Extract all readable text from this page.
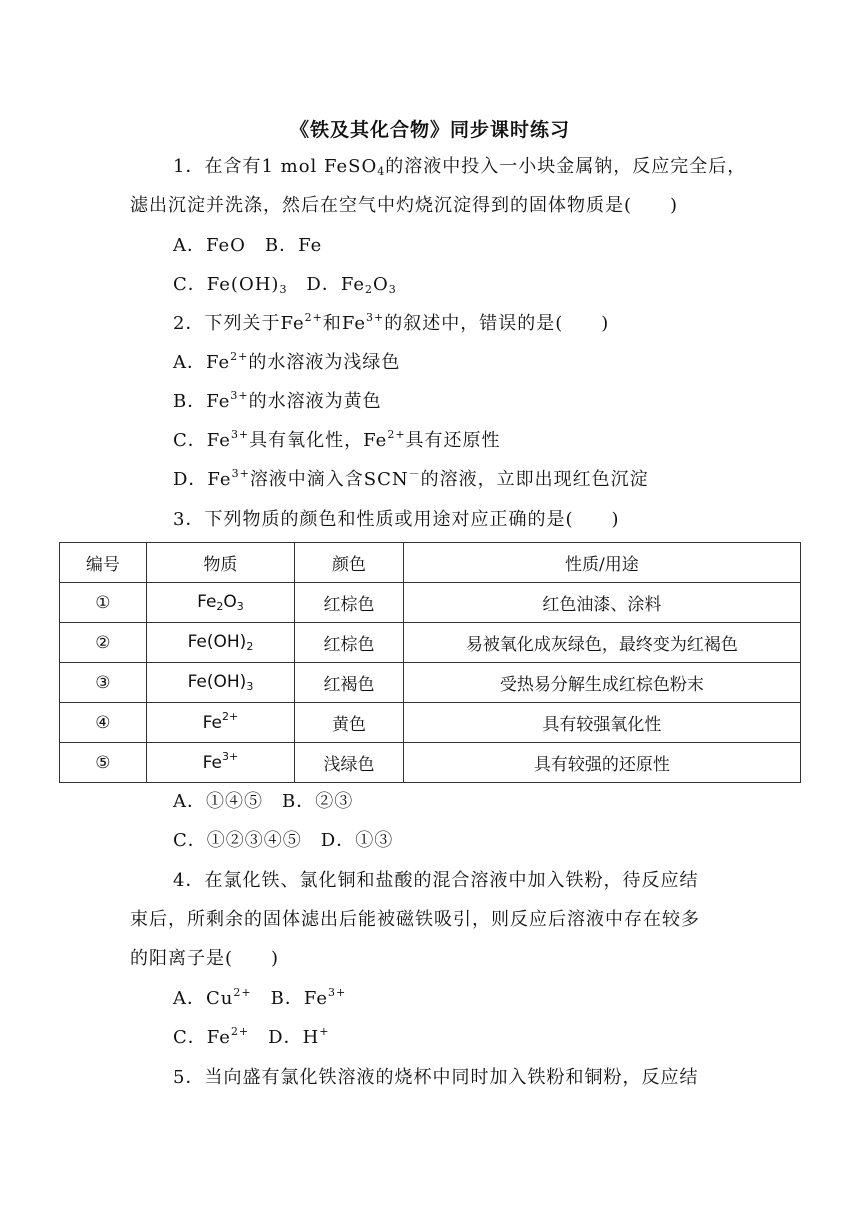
《铁及其化合物》同步课时练习
1．在含有1 mol FeSO$_4$的溶液中投入一小块金属钠，反应完全后，
滤出沉淀并洗涤，然后在空气中灼烧沉淀得到的固体物质是(　　)
A．FeO　B．Fe
C．$Fe(OH)_3$　D．$Fe_2O_3$
2．下列关于$Fe^{2+}$和$Fe^{3+}$的叙述中，错误的是(　　)
A．$Fe^{2+}$的水溶液为浅绿色
B．$Fe^{3+}$的水溶液为黄色
C．$Fe^{3+}$具有氧化性，$Fe^{2+}$具有还原性
D．$Fe^{3+}$溶液中滴入含SCN－的溶液，立即出现红色沉淀
3．下列物质的颜色和性质或用途对应正确的是(　　)
编号	物质	颜色	性质/用途
①	$Fe_2O_3$	红棕色	红色油漆、涂料
②	$Fe(OH)_2$	红棕色	易被氧化成灰绿色，最终变为红褐色
③	$Fe(OH)_3$	红褐色	受热易分解生成红棕色粉末
④	$Fe^{2+}$	黄色	具有较强氧化性
⑤	$Fe^{3+}$	浅绿色	具有较强的还原性
A．①④⑤　B．②③
C．①②③④⑤　D．①③
4．在氯化铁、氯化铜和盐酸的混合溶液中加入铁粉，待反应结
束后，所剩余的固体滤出后能被磁铁吸引，则反应后溶液中存在较多
的阳离子是(　　)
A．$Cu^{2+}$　B．$Fe^{3+}$
C．$Fe^{2+}$　D．H+
5．当向盛有氯化铁溶液的烧杯中同时加入铁粉和铜粉，反应结
